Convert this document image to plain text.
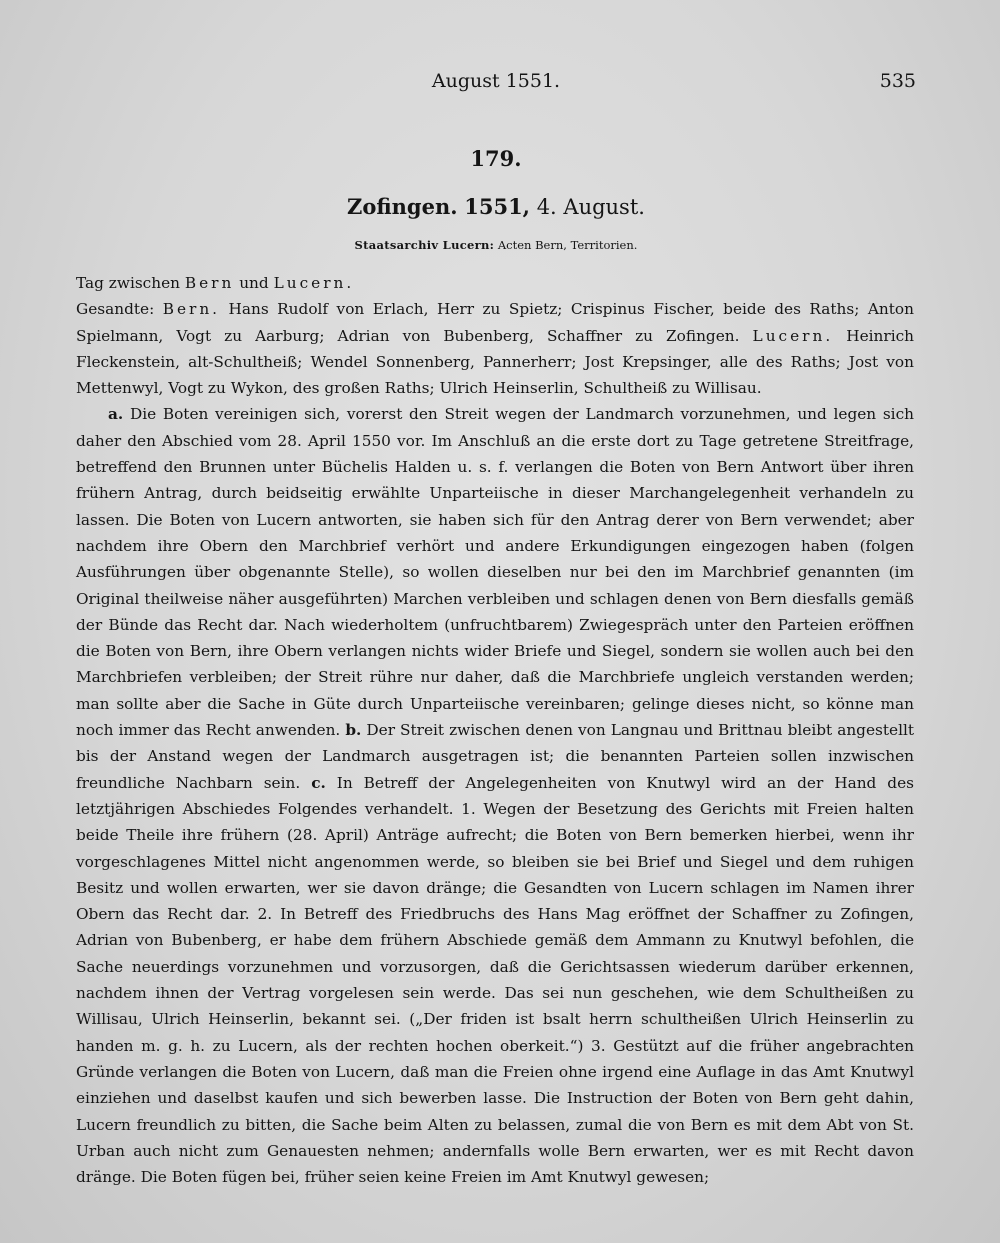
August 1551.	535
179.
Zofingen. 1551, 4. August.
Staatsarchiv Lucern: Acten Bern, Territorien.

Tag zwischen Bern und Lucern.

Gesandte: Bern. Hans Rudolf von Erlach, Herr zu Spietz; Crispinus Fischer, beide des Raths; Anton Spielmann, Vogt zu Aarburg; Adrian von Bubenberg, Schaffner zu Zofingen. Lucern. Heinrich Fleckenstein, alt-Schultheiß; Wendel Sonnenberg, Pannerherr; Jost Krepsinger, alle des Raths; Jost von Mettenwyl, Vogt zu Wykon, des großen Raths; Ulrich Heinserlin, Schultheiß zu Willisau.

a. Die Boten vereinigen sich, vorerst den Streit wegen der Landmarch vorzunehmen, und legen sich daher den Abschied vom 28. April 1550 vor. Im Anschluß an die erste dort zu Tage getretene Streitfrage, betreffend den Brunnen unter Büchelis Halden u. s. f. verlangen die Boten von Bern Antwort über ihren frühern Antrag, durch beidseitig erwählte Unparteiische in dieser Marchangelegenheit verhandeln zu lassen. Die Boten von Lucern antworten, sie haben sich für den Antrag derer von Bern verwendet; aber nachdem ihre Obern den Marchbrief verhört und andere Erkundigungen eingezogen haben (folgen Ausführungen über obgenannte Stelle), so wollen dieselben nur bei den im Marchbrief genannten (im Original theilweise näher ausgeführten) Marchen verbleiben und schlagen denen von Bern diesfalls gemäß der Bünde das Recht dar. Nach wiederholtem (unfruchtbarem) Zwiegespräch unter den Parteien eröffnen die Boten von Bern, ihre Obern verlangen nichts wider Briefe und Siegel, sondern sie wollen auch bei den Marchbriefen verbleiben; der Streit rühre nur daher, daß die Marchbriefe ungleich verstanden werden; man sollte aber die Sache in Güte durch Unparteiische vereinbaren; gelinge dieses nicht, so könne man noch immer das Recht anwenden. b. Der Streit zwischen denen von Langnau und Brittnau bleibt angestellt bis der Anstand wegen der Landmarch ausgetragen ist; die benannten Parteien sollen inzwischen freundliche Nachbarn sein. c. In Betreff der Angelegenheiten von Knutwyl wird an der Hand des letztjährigen Abschiedes Folgendes verhandelt. 1. Wegen der Besetzung des Gerichts mit Freien halten beide Theile ihre frühern (28. April) Anträge aufrecht; die Boten von Bern bemerken hierbei, wenn ihr vorgeschlagenes Mittel nicht angenommen werde, so bleiben sie bei Brief und Siegel und dem ruhigen Besitz und wollen erwarten, wer sie davon dränge; die Gesandten von Lucern schlagen im Namen ihrer Obern das Recht dar. 2. In Betreff des Friedbruchs des Hans Mag eröffnet der Schaffner zu Zofingen, Adrian von Bubenberg, er habe dem frühern Abschiede gemäß dem Ammann zu Knutwyl befohlen, die Sache neuerdings vorzunehmen und vorzusorgen, daß die Gerichtsassen wiederum darüber erkennen, nachdem ihnen der Vertrag vorgelesen sein werde. Das sei nun geschehen, wie dem Schultheißen zu Willisau, Ulrich Heinserlin, bekannt sei. („Der friden ist bsalt herrn schultheißen Ulrich Heinserlin zu handen m. g. h. zu Lucern, als der rechten hochen oberkeit.“) 3. Gestützt auf die früher angebrachten Gründe verlangen die Boten von Lucern, daß man die Freien ohne irgend eine Auflage in das Amt Knutwyl einziehen und daselbst kaufen und sich bewerben lasse. Die Instruction der Boten von Bern geht dahin, Lucern freundlich zu bitten, die Sache beim Alten zu belassen, zumal die von Bern es mit dem Abt von St. Urban auch nicht zum Genauesten nehmen; andernfalls wolle Bern erwarten, wer es mit Recht davon dränge. Die Boten fügen bei, früher seien keine Freien im Amt Knutwyl gewesen;
